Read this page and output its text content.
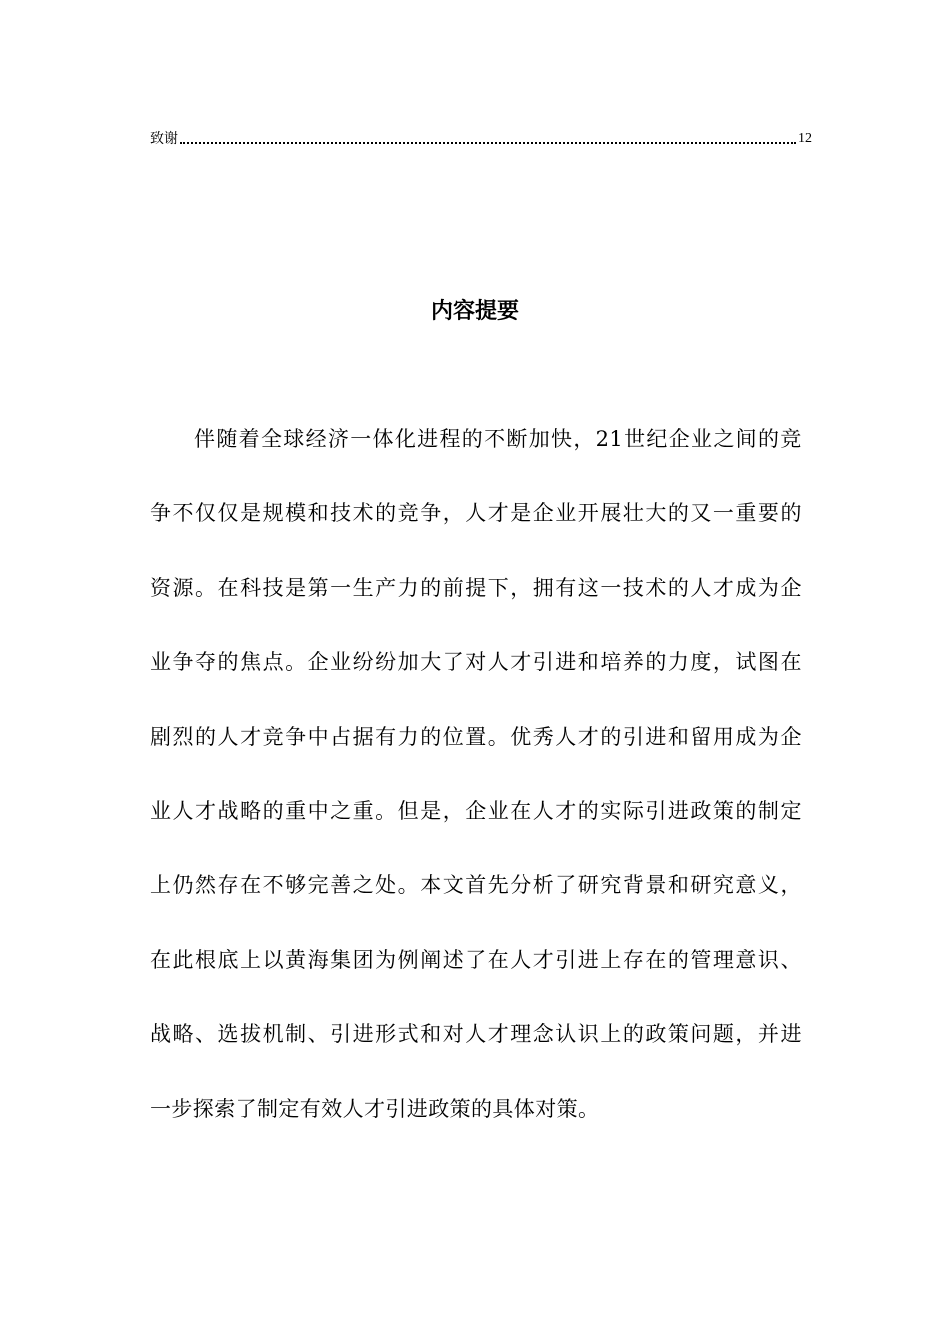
致谢	12
内容提要
伴 随 着 全 球 经 济 一 体 化 进 程 的 不 断 加 快 ， 21 世 纪 企 业 之 间 的 竞
争 不 仅 仅 是 规 模 和 技 术 的 竞 争 ， 人 才 是 企 业 开 展 壮 大 的 又 一 重 要 的
资 源 。 在 科 技 是 第 一 生 产 力 的 前 提 下 ， 拥 有 这 一 技 术 的 人 才 成 为 企
业 争 夺 的 焦 点 。 企 业 纷 纷 加 大 了 对 人 才 引 进 和 培 养 的 力 度 ， 试 图 在
剧 烈 的 人 才 竞 争 中 占 据 有 力 的 位 置 。 优 秀 人 才 的 引 进 和 留 用 成 为 企
业 人 才 战 略 的 重 中 之 重 。 但 是 ， 企 业 在 人 才 的 实 际 引 进 政 策 的 制 定
上 仍 然 存 在 不 够 完 善 之 处 。 本 文 首 先 分 析 了 研 究 背 景 和 研 究 意 义 ，
在 此 根 底 上 以 黄 海 集 团 为 例 阐 述 了 在 人 才 引 进 上 存 在 的 管 理 意 识 、
战 略 、 选 拔 机 制 、 引 进 形 式 和 对 人 才 理 念 认 识 上 的 政 策 问 题 ， 并 进
一步探索了制定有效人才引进政策的具体对策。
